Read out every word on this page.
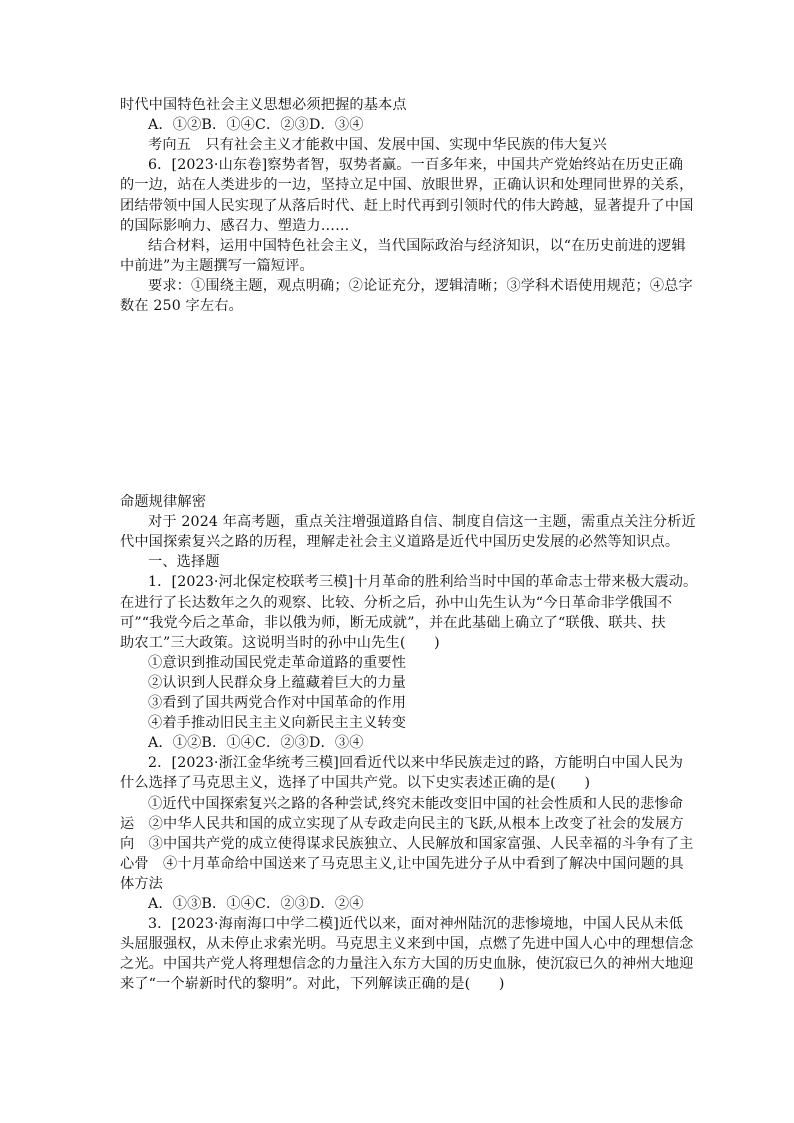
时代中国特色社会主义思想必须把握的基本点
A．①②B．①④C．②③D．③④
考向五　只有社会主义才能救中国、发展中国、实现中华民族的伟大复兴
6．[2023·山东卷]察势者智，驭势者赢。一百多年来，中国共产党始终站在历史正确
的一边，站在人类进步的一边，坚持立足中国、放眼世界，正确认识和处理同世界的关系，
团结带领中国人民实现了从落后时代、赶上时代再到引领时代的伟大跨越，显著提升了中国
的国际影响力、感召力、塑造力……
结合材料，运用中国特色社会主义，当代国际政治与经济知识，以“在历史前进的逻辑
中前进”为主题撰写一篇短评。
要求：①围绕主题，观点明确；②论证充分，逻辑清晰；③学科术语使用规范；④总字
数在 250 字左右。
命题规律解密
对于 2024 年高考题，重点关注增强道路自信、制度自信这一主题，需重点关注分析近
代中国探索复兴之路的历程，理解走社会主义道路是近代中国历史发展的必然等知识点。
一、选择题
1．[2023·河北保定校联考三模]十月革命的胜利给当时中国的革命志士带来极大震动。
在进行了长达数年之久的观察、比较、分析之后，孙中山先生认为“今日革命非学俄国不
可”“我党今后之革命，非以俄为师，断无成就”，并在此基础上确立了“联俄、联共、扶
助农工”三大政策。这说明当时的孙中山先生(　　)
①意识到推动国民党走革命道路的重要性
②认识到人民群众身上蕴藏着巨大的力量
③看到了国共两党合作对中国革命的作用
④着手推动旧民主主义向新民主主义转变
A．①②B．①④C．②③D．③④
2．[2023·浙江金华统考三模]回看近代以来中华民族走过的路，方能明白中国人民为
什么选择了马克思主义，选择了中国共产党。以下史实表述正确的是(　　)
①近代中国探索复兴之路的各种尝试,终究未能改变旧中国的社会性质和人民的悲惨命
运　②中华人民共和国的成立实现了从专政走向民主的飞跃,从根本上改变了社会的发展方
向　③中国共产党的成立使得谋求民族独立、人民解放和国家富强、人民幸福的斗争有了主
心骨　④十月革命给中国送来了马克思主义,让中国先进分子从中看到了解决中国问题的具
体方法
A．①③B．①④C．②③D．②④
3．[2023·海南海口中学二模]近代以来，面对神州陆沉的悲惨境地，中国人民从未低
头屈服强权，从未停止求索光明。马克思主义来到中国，点燃了先进中国人心中的理想信念
之光。中国共产党人将理想信念的力量注入东方大国的历史血脉，使沉寂已久的神州大地迎
来了“一个崭新时代的黎明”。对此，下列解读正确的是(　　)
